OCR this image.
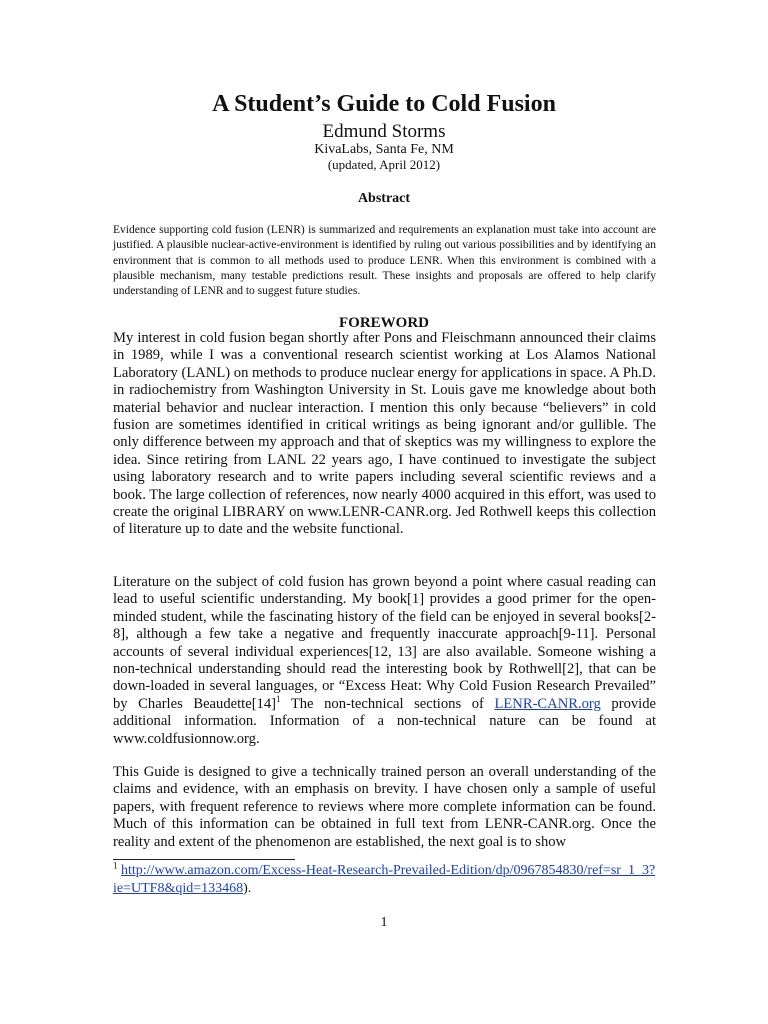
A Student’s Guide to Cold Fusion
Edmund Storms
KivaLabs, Santa Fe, NM
(updated, April 2012)
Abstract
Evidence supporting cold fusion (LENR) is summarized and requirements an explanation must take into account are justified. A plausible nuclear-active-environment is identified by ruling out various possibilities and by identifying an environment that is common to all methods used to produce LENR. When this environment is combined with a plausible mechanism, many testable predictions result. These insights and proposals are offered to help clarify understanding of LENR and to suggest future studies.
FOREWORD
My interest in cold fusion began shortly after Pons and Fleischmann announced their claims in 1989, while I was a conventional research scientist working at Los Alamos National Laboratory (LANL) on methods to produce nuclear energy for applications in space. A Ph.D. in radiochemistry from Washington University in St. Louis gave me knowledge about both material behavior and nuclear interaction. I mention this only because “believers” in cold fusion are sometimes identified in critical writings as being ignorant and/or gullible. The only difference between my approach and that of skeptics was my willingness to explore the idea. Since retiring from LANL 22 years ago, I have continued to investigate the subject using laboratory research and to write papers including several scientific reviews and a book. The large collection of references, now nearly 4000 acquired in this effort, was used to create the original LIBRARY on www.LENR-CANR.org. Jed Rothwell keeps this collection of literature up to date and the website functional.
Literature on the subject of cold fusion has grown beyond a point where casual reading can lead to useful scientific understanding. My book[1] provides a good primer for the open-minded student, while the fascinating history of the field can be enjoyed in several books[2-8], although a few take a negative and frequently inaccurate approach[9-11]. Personal accounts of several individual experiences[12, 13] are also available. Someone wishing a non-technical understanding should read the interesting book by Rothwell[2], that can be down-loaded in several languages, or “Excess Heat: Why Cold Fusion Research Prevailed” by Charles $Beaudette[14]^1$ The non-technical sections of LENR-CANR.org provide additional information. Information of a non-technical nature can be found at www.coldfusionnow.org.
This Guide is designed to give a technically trained person an overall understanding of the claims and evidence, with an emphasis on brevity. I have chosen only a sample of useful papers, with frequent reference to reviews where more complete information can be found. Much of this information can be obtained in full text from LENR-CANR.org. Once the reality and extent of the phenomenon are established, the next goal is to show
$^1$ http://www.amazon.com/Excess-Heat-Research-Prevailed-Edition/dp/0967854830/ref=sr_1_3?ie=UTF8&qid=133468).
1
